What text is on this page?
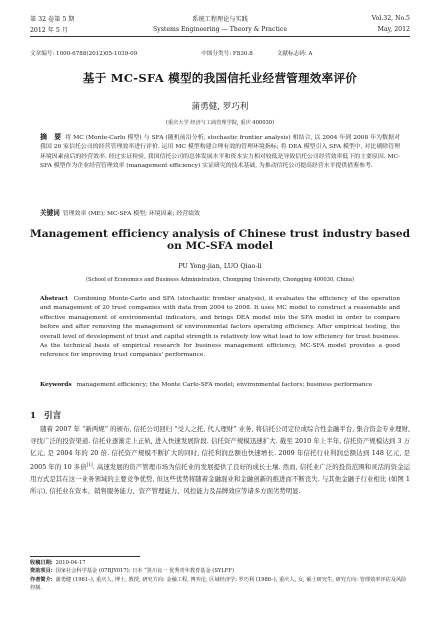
第 32 卷第 5 期	系统工程理论与实践	Vol.32, No.5
2012 年 5 月	Systems Engineering — Theory & Practice	May, 2012
文章编号: 1000-6788(2012)05-1039-09	中图分类号: F830.8	文献标志码: A
基于 MC-SFA 模型的我国信托业经营管理效率评价
蒲勇健, 罗巧利
(重庆大学 经济与工商管理学院, 重庆 400030)
摘　要 将 MC (Monte-Carlo 模型) 与 SFA (随机前沿分析, stochastic frontier analysis) 相结合, 以 2004 年到 2008 年为数据对我国 20 家信托公司的经营管理效率进行评价. 运用 MC 模型构建合理有效的管理环境指标; 将 DEA 模型引入 SFA 模型中, 对比剔除管理环境因素前后的经营效率. 经过实证检验, 我国信托公司的总体发展水平和资本实力相对较低是导致信托公司经营效率低下的主要原因. MC-SFA 模型作为企业经营管理效率 (management efficiency) 实证研究的技术基础, 为推动信托公司提高经营水平提供借鉴参考.
关键词 管理效率 (ME); MC-SFA 模型; 环境因素; 经营绩效
Management efficiency analysis of Chinese trust industry based on MC-SFA model
PU Yong-jian, LUO Qiao-li
(School of Economics and Business Administration, Chongqing University, Chongqing 400030, China)
Abstract Combining Monte-Carlo and SFA (stochastic frontier analysis), it evaluates the efficiency of the operation and management of 20 trust companies with data from 2004 to 2008. It uses MC model to construct a reasonable and effective management of environmental indicators, and brings DEA model into the SFA model in order to compare before and after removing the management of environmental factors operating efficiency. After empirical testing, the overall level of development of trust and capital strength is relatively low what lead to low efficiency for trust business. As the technical basis of empirical research for business management efficiency, MC-SFA model provides a good reference for improving trust companies' performance.
Keywords management efficiency; the Monte Carlo-SFA model; environmental factors; business performance
1 引言
随着 2007 年 “新两规” 的颁布, 信托公司回归 “受人之托, 代人理财” 业务, 将信托公司定位成综合性金融平台, 集合资金专业理财, 寻找广泛的投资渠道. 信托业逐渐走上正轨, 进入快速发展阶段. 信托资产规模迅速扩大. 截至 2010 年上半年, 信托资产规模达到 3 万亿元, 是 2004 年的 20 倍. 信托资产规模不断扩大的同时, 信托利润总额也快速增长. 2009 年信托行业利润总额达到 148 亿元, 是 2005 年的 10 多倍[1]. 高速发展的资产管理市场为信托业的发展提供了良好的成长土壤. 然而, 信托业广泛的投资范围和灵活的资金运用方式是其在这一业务领域的主要竞争优势, 但这些优势将随着金融混业和金融创新的推进而不断丧失. 与其他金融子行业相比 (如图 1 所示), 信托业在资本、销售服务能力、资产管理能力、风控能力及品牌效应等诸多方面劣势明显.
收稿日期: 2010-04-17
资助项目: 国家社会科学基金 (07BJY017); 日本 “笹川良一 优秀青年教育基金 (SYLFF)
作者简介: 蒲勇健 (1961–), 重庆人, 博士, 教授, 研究方向: 金融工程, 博弈论, 区域经济学; 罗巧利 (1986–), 重庆人, 女, 硕士研究生, 研究方向: 管理效率评估及风险控制.
